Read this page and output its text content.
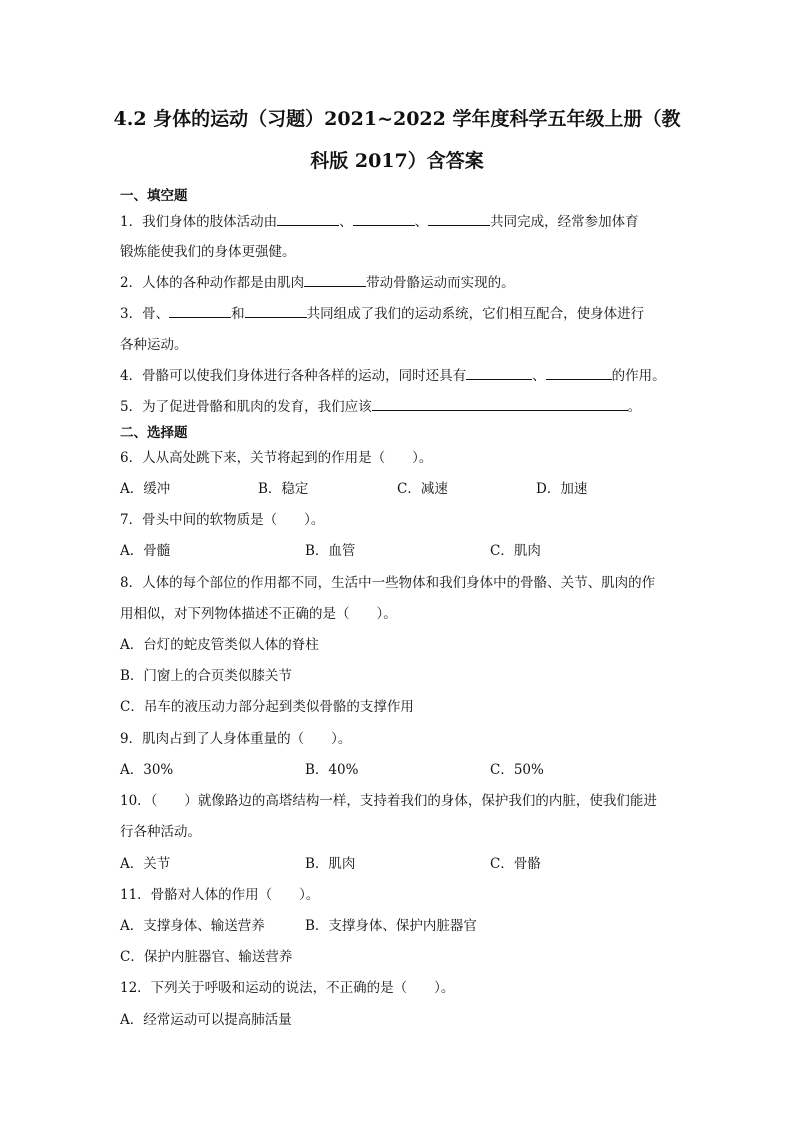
4.2 身体的运动（习题）2021~2022 学年度科学五年级上册（教
科版 2017）含答案
一、填空题
1．我们身体的肢体活动由	、	、	共同完成，经常参加体育
锻炼能使我们的身体更强健。
2．人体的各种动作都是由肌肉	带动骨骼运动而实现的。
3．骨、	和	共同组成了我们的运动系统，它们相互配合，使身体进行
各种运动。
4．骨骼可以使我们身体进行各种各样的运动，同时还具有	、	的作用。
5．为了促进骨骼和肌肉的发育，我们应该	。
二、选择题
6．人从高处跳下来，关节将起到的作用是（　　）。
A．缓冲	B．稳定	C．减速	D．加速
7．骨头中间的软物质是（　　）。
A．骨髓	B．血管	C．肌肉
8．人体的每个部位的作用都不同，生活中一些物体和我们身体中的骨骼、关节、肌肉的作
用相似，对下列物体描述不正确的是（　　）。
A．台灯的蛇皮管类似人体的脊柱
B．门窗上的合页类似膝关节
C．吊车的液压动力部分起到类似骨骼的支撑作用
9．肌肉占到了人身体重量的（　　）。
A．30%	B．40%	C．50%
10．（　　）就像路边的高塔结构一样，支持着我们的身体，保护我们的内脏，使我们能进
行各种活动。
A．关节	B．肌肉	C．骨骼
11．骨骼对人体的作用（　　）。
A．支撑身体、输送营养	B．支撑身体、保护内脏器官
C．保护内脏器官、输送营养
12．下列关于呼吸和运动的说法，不正确的是（　　）。
A．经常运动可以提高肺活量
